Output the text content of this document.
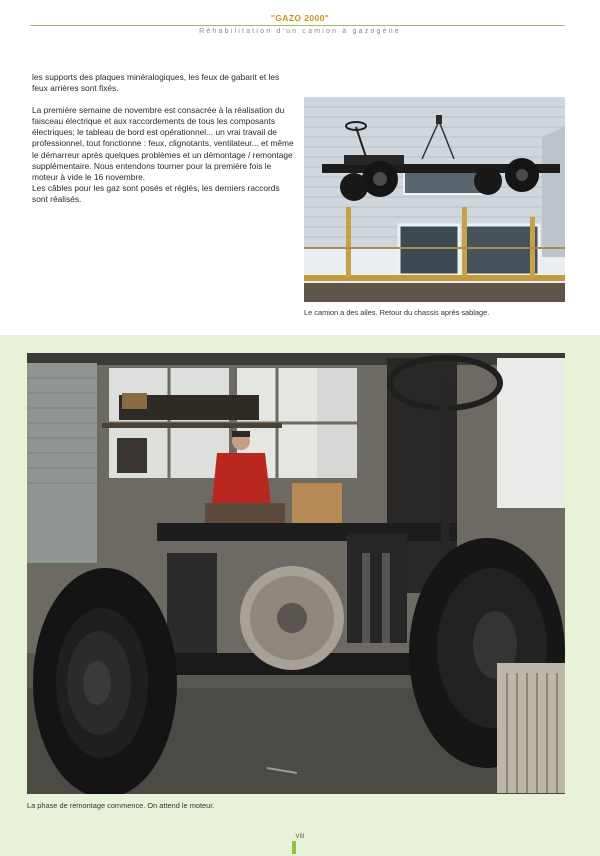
"GAZO 2000"
Réhabilitation d'un camion à gazogène

les supports des plaques minéralogiques, les feux de gabarit et les feux arrières sont fixés.

La première semaine de novembre est consacrée à la réalisation du faisceau électrique et aux raccordements de tous les composants électriques; le tableau de bord est opérationnel... un vrai travail de professionnel, tout fonctionne : feux, clignotants, ventilateur... et même le démarreur après quelques problèmes et un démontage / remontage supplémentaire. Nous entendons tourner pour la première fois le moteur à vide le 16 novembre.

Les câbles pour les gaz sont posés et réglés, les derniers raccords sont réalisés.

Le camion a des ailes. Retour du chassis après sablage.
La phase de remontage commence. On attend le moteur.
VIII
